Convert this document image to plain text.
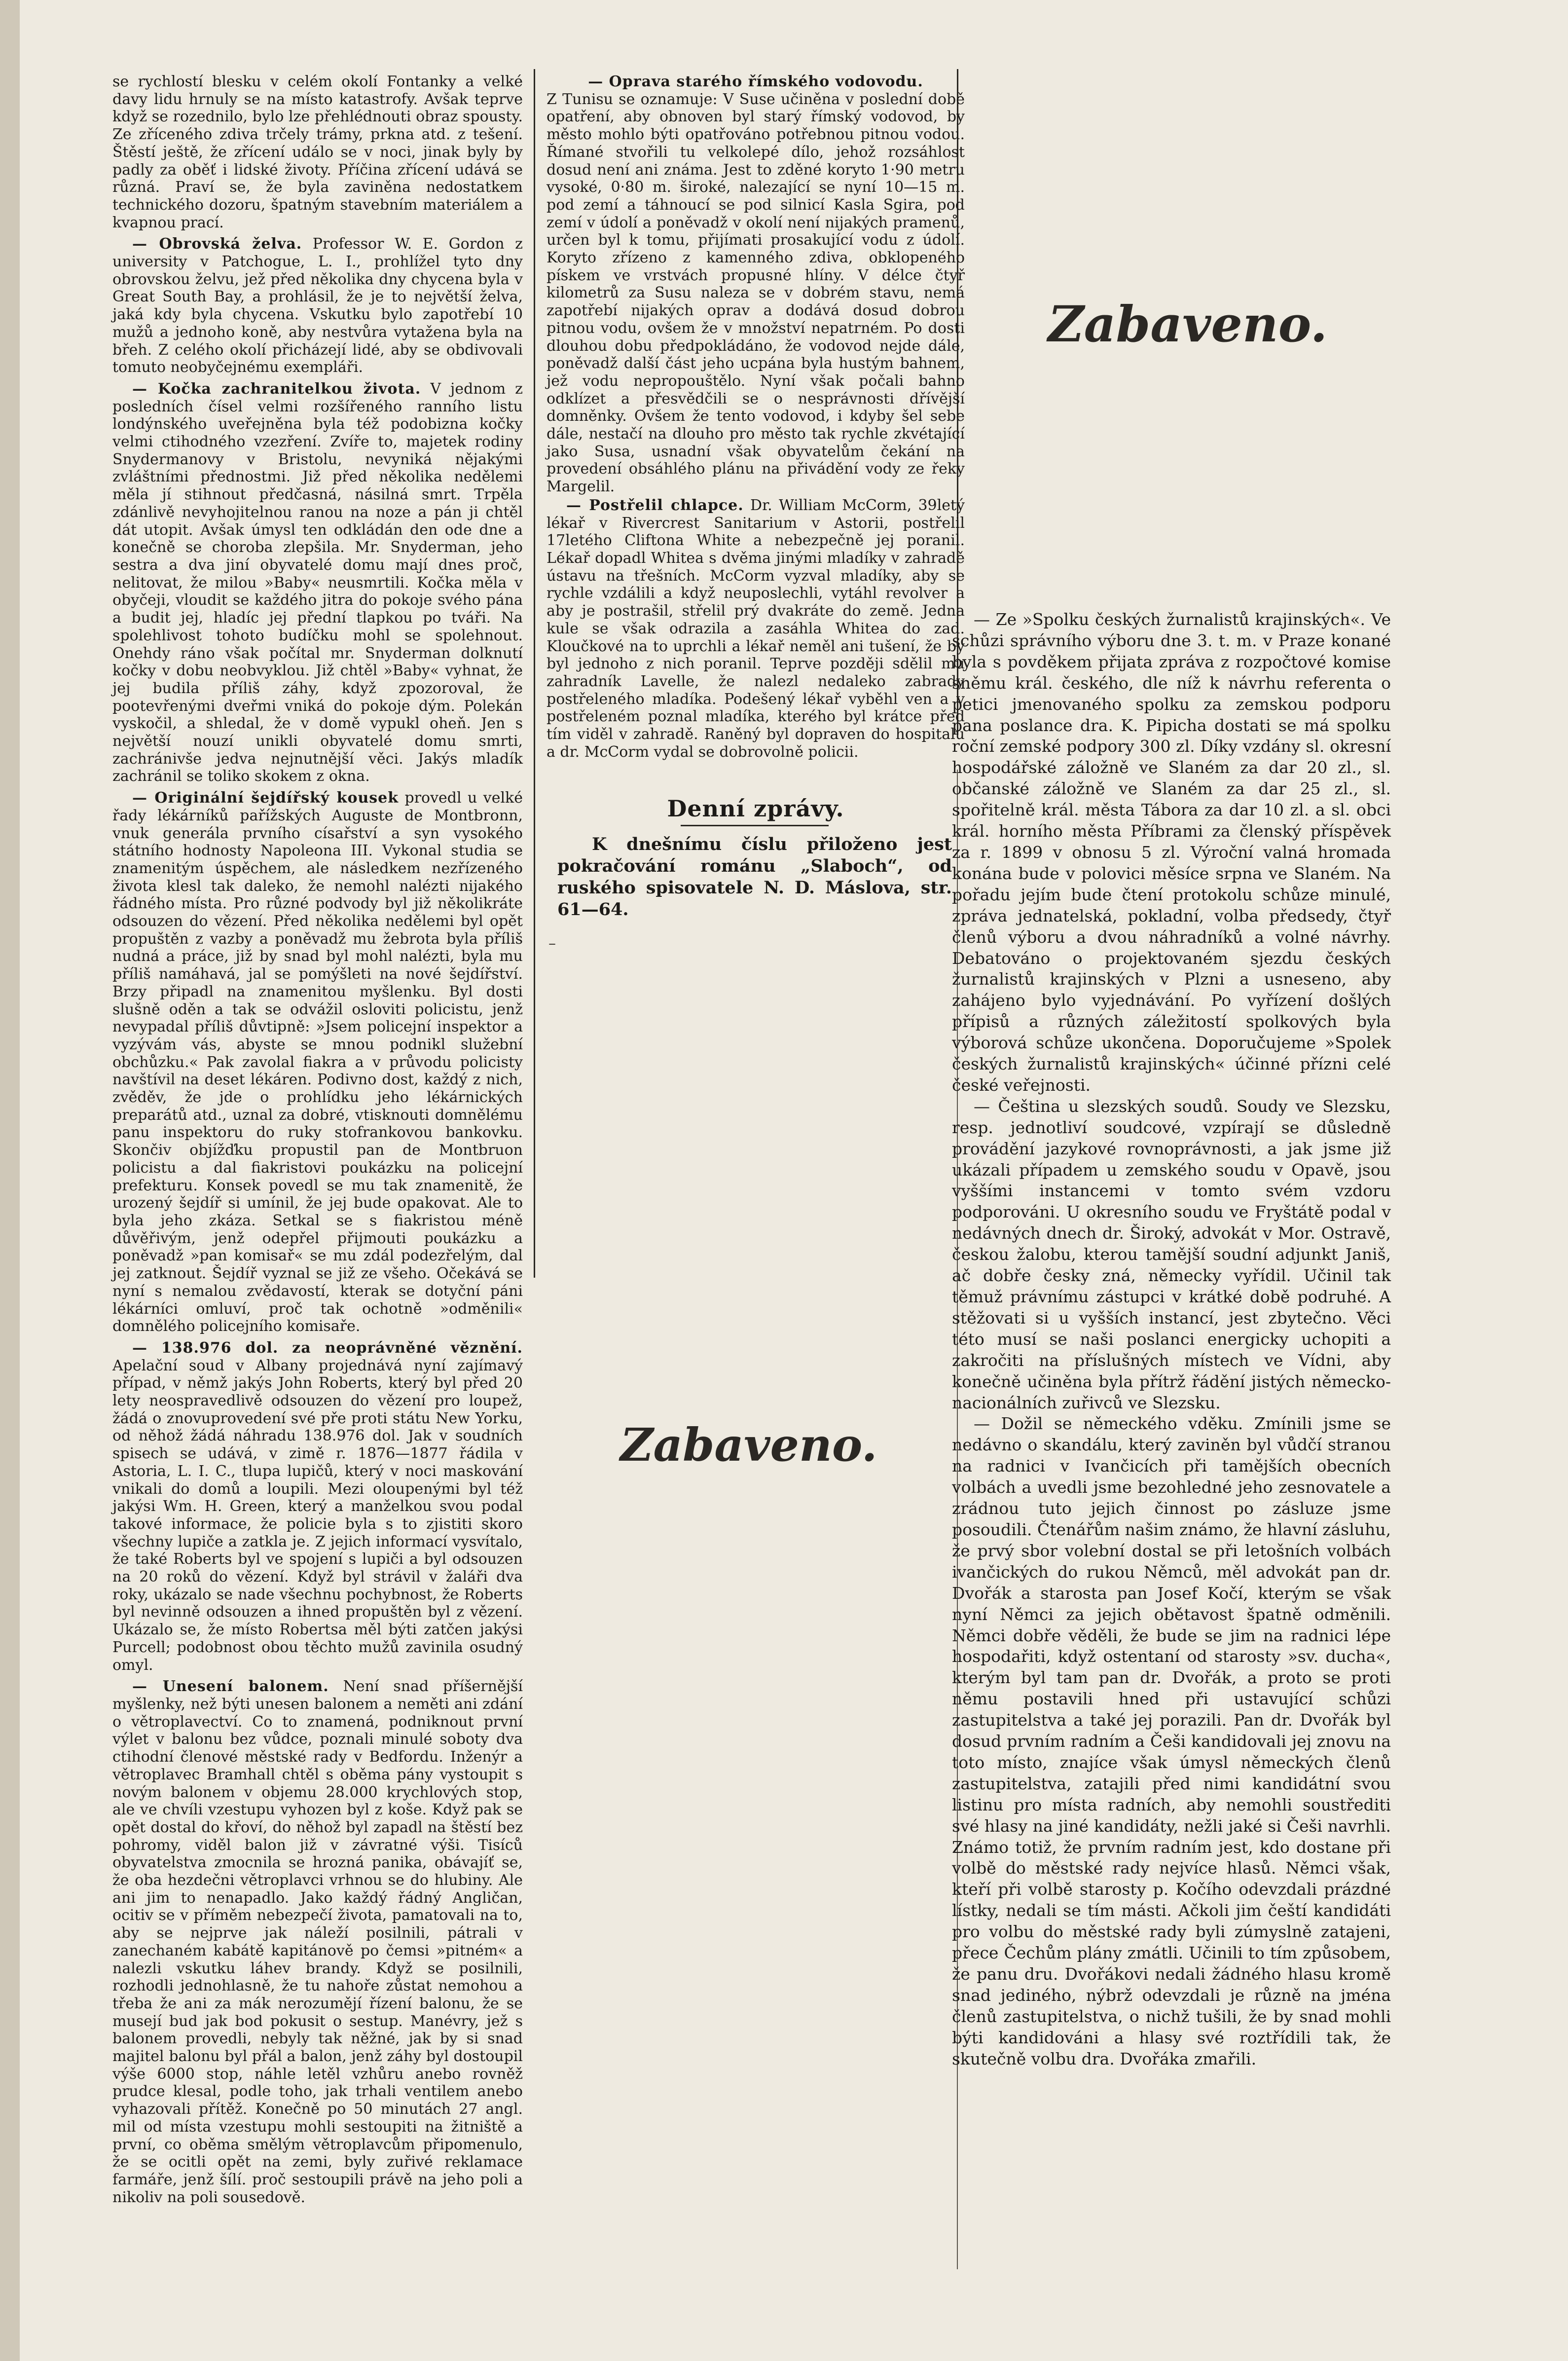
se rychlostí blesku v celém okolí Fontanky a velké davy lidu hrnuly se na místo katastrofy. Avšak teprve když se rozednilo, bylo lze přehlédnouti obraz spousty. Ze zříceného zdiva trčely trámy, prkna atd. z tešení. Štěstí ještě, že zřícení událo se v noci, jinak byly by padly za oběť i lidské životy. Příčina zřícení udává se různá. Praví se, že byla zaviněna nedostatkem technického dozoru, špatným stavebním materiálem a kvapnou prací.

— Obrovská želva. Professor W. E. Gordon z university v Patchogue, L. I., prohlížel tyto dny obrovskou želvu, jež před několika dny chycena byla v Great South Bay, a prohlásil, že je to největší želva, jaká kdy byla chycena. Vskutku bylo zapotřebí 10 mužů a jednoho koně, aby nestvůra vytažena byla na břeh. Z celého okolí přicházejí lidé, aby se obdivovali tomuto neobyčejnému exempláři.

— Kočka zachranitelkou života. V jednom z posledních čísel velmi rozšířeného ranního listu londýnského uveřejněna byla též podobizna kočky velmi ctihodného vzezření. Zvíře to, majetek rodiny Snydermanovy v Bristolu, nevyniká nějakými zvláštními přednostmi. Již před několika nedělemi měla jí stihnout předčasná, násilná smrt. Trpěla zdánlivě nevyhojitelnou ranou na noze a pán ji chtěl dát utopit. Avšak úmysl ten odkládán den ode dne a konečně se choroba zlepšila. Mr. Snyderman, jeho sestra a dva jiní obyvatelé domu mají dnes proč, nelitovat, že milou »Baby« neusmrtili. Kočka měla v obyčeji, vloudit se každého jitra do pokoje svého pána a budit jej, hladíc jej přední tlapkou po tváři. Na spolehlivost tohoto budíčku mohl se spolehnout. Onehdy ráno však počítal mr. Snyderman dolknutí kočky v dobu neobvyklou. Již chtěl »Baby« vyhnat, že jej budila příliš záhy, když zpozoroval, že pootevřenými dveřmi vniká do pokoje dým. Polekán vyskočil, a shledal, že v domě vypukl oheň. Jen s největší nouzí unikli obyvatelé domu smrti, zachránivše jedva nejnutnější věci. Jakýs mladík zachránil se toliko skokem z okna.

— Originální šejdířský kousek provedl u velké řady lékárníků pařížských Auguste de Montbronn, vnuk generála prvního císařství a syn vysokého státního hodnosty Napoleona III. Vykonal studia se znamenitým úspěchem, ale následkem nezřízeného života klesl tak daleko, že nemohl nalézti nijakého řádného místa. Pro různé podvody byl již několikráte odsouzen do vězení. Před několika nedělemi byl opět propuštěn z vazby a poněvadž mu žebrota byla příliš nudná a práce, již by snad byl mohl nalézti, byla mu příliš namáhavá, jal se pomýšleti na nové šejdířství. Brzy připadl na znamenitou myšlenku. Byl dosti slušně oděn a tak se odvážil osloviti policistu, jenž nevypadal příliš důvtipně: »Jsem policejní inspektor a vyzývám vás, abyste se mnou podnikl služební obchůzku.« Pak zavolal fiakra a v průvodu policisty navštívil na deset lékáren. Podivno dost, každý z nich, zvěděv, že jde o prohlídku jeho lékárnických preparátů atd., uznal za dobré, vtisknouti domnělému panu inspektoru do ruky stofrankovou bankovku. Skončiv objížďku propustil pan de Montbruon policistu a dal fiakristovi poukázku na policejní prefekturu. Konsek povedl se mu tak znamenitě, že urozený šejdíř si umínil, že jej bude opakovat. Ale to byla jeho zkáza. Setkal se s fiakristou méně důvěřivým, jenž odepřel přijmouti poukázku a poněvadž »pan komisař« se mu zdál podezřelým, dal jej zatknout. Šejdíř vyznal se již ze všeho. Očekává se nyní s nemalou zvědavostí, kterak se dotyční páni lékárníci omluví, proč tak ochotně »odměnili« domnělého policejního komisaře.

— 138.976 dol. za neoprávněné věznění. Apelační soud v Albany projednává nyní zajímavý případ, v němž jakýs John Roberts, který byl před 20 lety neospravedlivě odsouzen do vězení pro loupež, žádá o znovuprovedení své pře proti státu New Yorku, od něhož žádá náhradu 138.976 dol. Jak v soudních spisech se udává, v zimě r. 1876—1877 řádila v Astoria, L. I. C., tlupa lupičů, který v noci maskování vnikali do domů a loupili. Mezi oloupenými byl též jakýsi Wm. H. Green, který a manželkou svou podal takové informace, že policie byla s to zjistiti skoro všechny lupiče a zatkla je. Z jejich informací vysvítalo, že také Roberts byl ve spojení s lupiči a byl odsouzen na 20 roků do vězení. Když byl strávil v žaláři dva roky, ukázalo se nade všechnu pochybnost, že Roberts byl nevinně odsouzen a ihned propuštěn byl z vězení. Ukázalo se, že místo Robertsa měl býti zatčen jakýsi Purcell; podobnost obou těchto mužů zavinila osudný omyl.

— Unesení balonem. Není snad příšernější myšlenky, než býti unesen balonem a neměti ani zdání o větroplavectví. Co to znamená, podniknout první výlet v balonu bez vůdce, poznali minulé soboty dva ctihodní členové městské rady v Bedfordu. Inženýr a větroplavec Bramhall chtěl s oběma pány vystoupit s novým balonem v objemu 28.000 krychlových stop, ale ve chvíli vzestupu vyhozen byl z koše. Když pak se opět dostal do křoví, do něhož byl zapadl na štěstí bez pohromy, viděl balon již v závratné výši. Tisíců obyvatelstva zmocnila se hrozná panika, obávajíť se, že oba hezdečni větroplavci vrhnou se do hlubiny. Ale ani jim to nenapadlo. Jako každý řádný Angličan, ocitiv se v příměm nebezpečí života, pamatovali na to, aby se nejprve jak náleží posilnili, pátrali v zanechaném kabátě kapitánově po čemsi »pitném« a nalezli vskutku láhev brandy. Když se posilnili, rozhodli jednohlasně, že tu nahoře zůstat nemohou a třeba že ani za mák nerozumějí řízení balonu, že se musejí bud jak bod pokusit o sestup. Manévry, jež s balonem provedli, nebyly tak něžné, jak by si snad majitel balonu byl přál a balon, jenž záhy byl dostoupil výše 6000 stop, náhle letěl vzhůru anebo rovněž prudce klesal, podle toho, jak trhali ventilem anebo vyhazovali přítěž. Konečně po 50 minutách 27 angl. mil od místa vzestupu mohli sestoupiti na žitniště a první, co oběma smělým větroplavcům připomenulo, že se ocitli opět na zemi, byly zuřivé reklamace farmáře, jenž šílí. proč sestoupili právě na jeho poli a nikoliv na poli sousedově.

— Oprava starého římského vodovodu.
Z Tunisu se oznamuje: V Suse učiněna v poslední době opatření, aby obnoven byl starý římský vodovod, by město mohlo býti opatřováno potřebnou pitnou vodou. Římané stvořili tu velkolepé dílo, jehož rozsáhlost dosud není ani známa. Jest to zděné koryto 1·90 metru vysoké, 0·80 m. široké, nalezající se nyní 10—15 m. pod zemí a táhnoucí se pod silnicí Kasla Sgira, pod zemí v údolí a poněvadž v okolí není nijakých pramenů, určen byl k tomu, přijímati prosakující vodu z údolí. Koryto zřízeno z kamenného zdiva, obklopeného pískem ve vrstvách propusné hlíny. V délce čtyř kilometrů za Susu naleza se v dobrém stavu, nemá zapotřebí nijakých oprav a dodává dosud dobrou pitnou vodu, ovšem že v množství nepatrném. Po dosti dlouhou dobu předpokládáno, že vodovod nejde dále, poněvadž další část jeho ucpána byla hustým bahnem, jež vodu nepropouštělo. Nyní však počali bahno odklízet a přesvědčili se o nesprávnosti dřívější domněnky. Ovšem že tento vodovod, i kdyby šel sebe dále, nestačí na dlouho pro město tak rychle zkvétající jako Susa, usnadní však obyvatelům čekání na provedení obsáhlého plánu na přivádění vody ze řeky Margelil.

— Postřelil chlapce. Dr. William McCorm, 39letý lékař v Rivercrest Sanitarium v Astorii, postřelil 17letého Cliftona White a nebezpečně jej poranil. Lékař dopadl Whitea s dvěma jinými mladíky v zahradě ústavu na třešních. McCorm vyzval mladíky, aby se rychle vzdálili a když neuposlechli, vytáhl revolver a aby je postrašil, střelil prý dvakráte do země. Jedna kule se však odrazila a zasáhla Whitea do zad. Kloučkové na to uprchli a lékař neměl ani tušení, že by byl jednoho z nich poranil. Teprve později sdělil mu zahradník Lavelle, že nalezl nedaleko zabrady postřeleného mladíka. Podešený lékař vyběhl ven a v postřeleném poznal mladíka, kterého byl krátce před tím viděl v zahradě. Raněný byl dopraven do hospitalu a dr. McCorm vydal se dobrovolně policii.

Denní zprávy.

K dnešnímu číslu přiloženo jest pokračování románu „Slaboch“, od ruského spisovatele N. D. Máslova, str. 61—64.

–
Zabaveno.
Zabaveno.

— Ze »Spolku českých žurnalistů krajinských«. Ve schůzi správního výboru dne 3. t. m. v Praze konané byla s povděkem přijata zpráva z rozpočtové komise sněmu král. českého, dle níž k návrhu referenta o petici jmenovaného spolku za zemskou podporu pana poslance dra. K. Pipicha dostati se má spolku roční zemské podpory 300 zl. Díky vzdány sl. okresní hospodářské záložně ve Slaném za dar 20 zl., sl. občanské záložně ve Slaném za dar 25 zl., sl. spořitelně král. města Tábora za dar 10 zl. a sl. obci král. horního města Příbrami za členský příspěvek za r. 1899 v obnosu 5 zl. Výroční valná hromada konána bude v polovici měsíce srpna ve Slaném. Na pořadu jejím bude čtení protokolu schůze minulé, zpráva jednatelská, pokladní, volba předsedy, čtyř členů výboru a dvou náhradníků a volné návrhy. Debatováno o projektovaném sjezdu českých žurnalistů krajinských v Plzni a usneseno, aby zahájeno bylo vyjednávání. Po vyřízení došlých přípisů a různých záležitostí spolkových byla výborová schůze ukončena. Doporučujeme »Spolek českých žurnalistů krajinských« účinné přízni celé české veřejnosti.

— Čeština u slezských soudů. Soudy ve Slezsku, resp. jednotliví soudcové, vzpírají se důsledně provádění jazykové rovnoprávnosti, a jak jsme již ukázali případem u zemského soudu v Opavě, jsou vyššími instancemi v tomto svém vzdoru podporováni. U okresního soudu ve Fryštátě podal v nedávných dnech dr. Široký, advokát v Mor. Ostravě, českou žalobu, kterou tamější soudní adjunkt Janiš, ač dobře česky zná, německy vyřídil. Učinil tak těmuž právnímu zástupci v krátké době podruhé. A stěžovati si u vyšších instancí, jest zbytečno. Věci této musí se naši poslanci energicky uchopiti a zakročiti na příslušných místech ve Vídni, aby konečně učiněna byla přítrž řádění jistých německo-nacionálních zuřivců ve Slezsku.

— Dožil se německého vděku. Zmínili jsme se nedávno o skandálu, který zaviněn byl vůdčí stranou na radnici v Ivančicích při tamějších obecních volbách a uvedli jsme bezohledné jeho zesnovatele a zrádnou tuto jejich činnost po zásluze jsme posoudili. Čtenářům našim známo, že hlavní zásluhu, že prvý sbor volební dostal se při letošních volbách ivančických do rukou Němců, měl advokát pan dr. Dvořák a starosta pan Josef Kočí, kterým se však nyní Němci za jejich obětavost špatně odměnili. Němci dobře věděli, že bude se jim na radnici lépe hospodařiti, když ostentaní od starosty »sv. ducha«, kterým byl tam pan dr. Dvořák, a proto se proti němu postavili hned při ustavující schůzi zastupitelstva a také jej porazili. Pan dr. Dvořák byl dosud prvním radním a Češi kandidovali jej znovu na toto místo, znajíce však úmysl německých členů zastupitelstva, zatajili před nimi kandidátní svou listinu pro místa radních, aby nemohli soustřediti své hlasy na jiné kandidáty, nežli jaké si Češi navrhli. Známo totiž, že prvním radním jest, kdo dostane při volbě do městské rady nejvíce hlasů. Němci však, kteří při volbě starosty p. Kočího odevzdali prázdné lístky, nedali se tím másti. Ačkoli jim čeští kandidáti pro volbu do městské rady byli zúmyslně zatajeni, přece Čechům plány zmátli. Učinili to tím způsobem, že panu dru. Dvořákovi nedali žádného hlasu kromě snad jediného, nýbrž odevzdali je různě na jména členů zastupitelstva, o nichž tušili, že by snad mohli býti kandidováni a hlasy své roztřídili tak, že skutečně volbu dra. Dvořáka zmařili.
